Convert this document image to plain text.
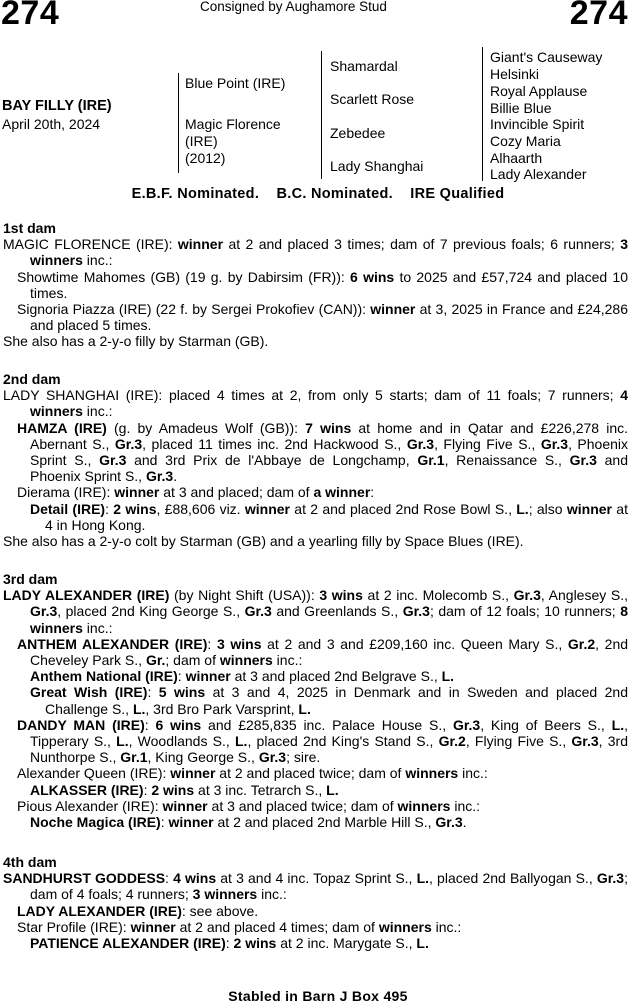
274	274
Consigned by Aughamore Stud
BAY FILLY (IRE)
April 20th, 2024
Blue Point (IRE)
Magic Florence
(IRE)
(2012)
Shamardal
Scarlett Rose
Zebedee
Lady Shanghai
Giant's Causeway
Helsinki
Royal Applause
Billie Blue
Invincible Spirit
Cozy Maria
Alhaarth
Lady Alexander
E.B.F. Nominated.    B.C. Nominated.    IRE Qualified
1st dam

MAGIC FLORENCE (IRE): winner at 2 and placed 3 times; dam of 7 previous foals; 6 runners; 3 winners inc.:

Showtime Mahomes (GB) (19 g. by Dabirsim (FR)): 6 wins to 2025 and £57,724 and placed 10 times.

Signoria Piazza (IRE) (22 f. by Sergei Prokofiev (CAN)): winner at 3, 2025 in France and £24,286 and placed 5 times.

She also has a 2-y-o filly by Starman (GB).

2nd dam

LADY SHANGHAI (IRE): placed 4 times at 2, from only 5 starts; dam of 11 foals; 7 runners; 4 winners inc.:

HAMZA (IRE) (g. by Amadeus Wolf (GB)): 7 wins at home and in Qatar and £226,278 inc. Abernant S., Gr.3, placed 11 times inc. 2nd Hackwood S., Gr.3, Flying Five S., Gr.3, Phoenix Sprint S., Gr.3 and 3rd Prix de l'Abbaye de Longchamp, Gr.1, Renaissance S., Gr.3 and Phoenix Sprint S., Gr.3.

Dierama (IRE): winner at 3 and placed; dam of a winner:

Detail (IRE): 2 wins, £88,606 viz. winner at 2 and placed 2nd Rose Bowl S., L.; also winner at 4 in Hong Kong.

She also has a 2-y-o colt by Starman (GB) and a yearling filly by Space Blues (IRE).

3rd dam

LADY ALEXANDER (IRE) (by Night Shift (USA)): 3 wins at 2 inc. Molecomb S., Gr.3, Anglesey S., Gr.3, placed 2nd King George S., Gr.3 and Greenlands S., Gr.3; dam of 12 foals; 10 runners; 8 winners inc.:

ANTHEM ALEXANDER (IRE): 3 wins at 2 and 3 and £209,160 inc. Queen Mary S., Gr.2, 2nd Cheveley Park S., Gr.; dam of winners inc.:

Anthem National (IRE): winner at 3 and placed 2nd Belgrave S., L.

Great Wish (IRE): 5 wins at 3 and 4, 2025 in Denmark and in Sweden and placed 2nd Challenge S., L., 3rd Bro Park Varsprint, L.

DANDY MAN (IRE): 6 wins and £285,835 inc. Palace House S., Gr.3, King of Beers S., L., Tipperary S., L., Woodlands S., L., placed 2nd King's Stand S., Gr.2, Flying Five S., Gr.3, 3rd Nunthorpe S., Gr.1, King George S., Gr.3; sire.

Alexander Queen (IRE): winner at 2 and placed twice; dam of winners inc.:

ALKASSER (IRE): 2 wins at 3 inc. Tetrarch S., L.

Pious Alexander (IRE): winner at 3 and placed twice; dam of winners inc.:

Noche Magica (IRE): winner at 2 and placed 2nd Marble Hill S., Gr.3.

4th dam

SANDHURST GODDESS: 4 wins at 3 and 4 inc. Topaz Sprint S., L., placed 2nd Ballyogan S., Gr.3; dam of 4 foals; 4 runners; 3 winners inc.:

LADY ALEXANDER (IRE): see above.

Star Profile (IRE): winner at 2 and placed 4 times; dam of winners inc.:

PATIENCE ALEXANDER (IRE): 2 wins at 2 inc. Marygate S., L.

Stabled in Barn J Box 495
